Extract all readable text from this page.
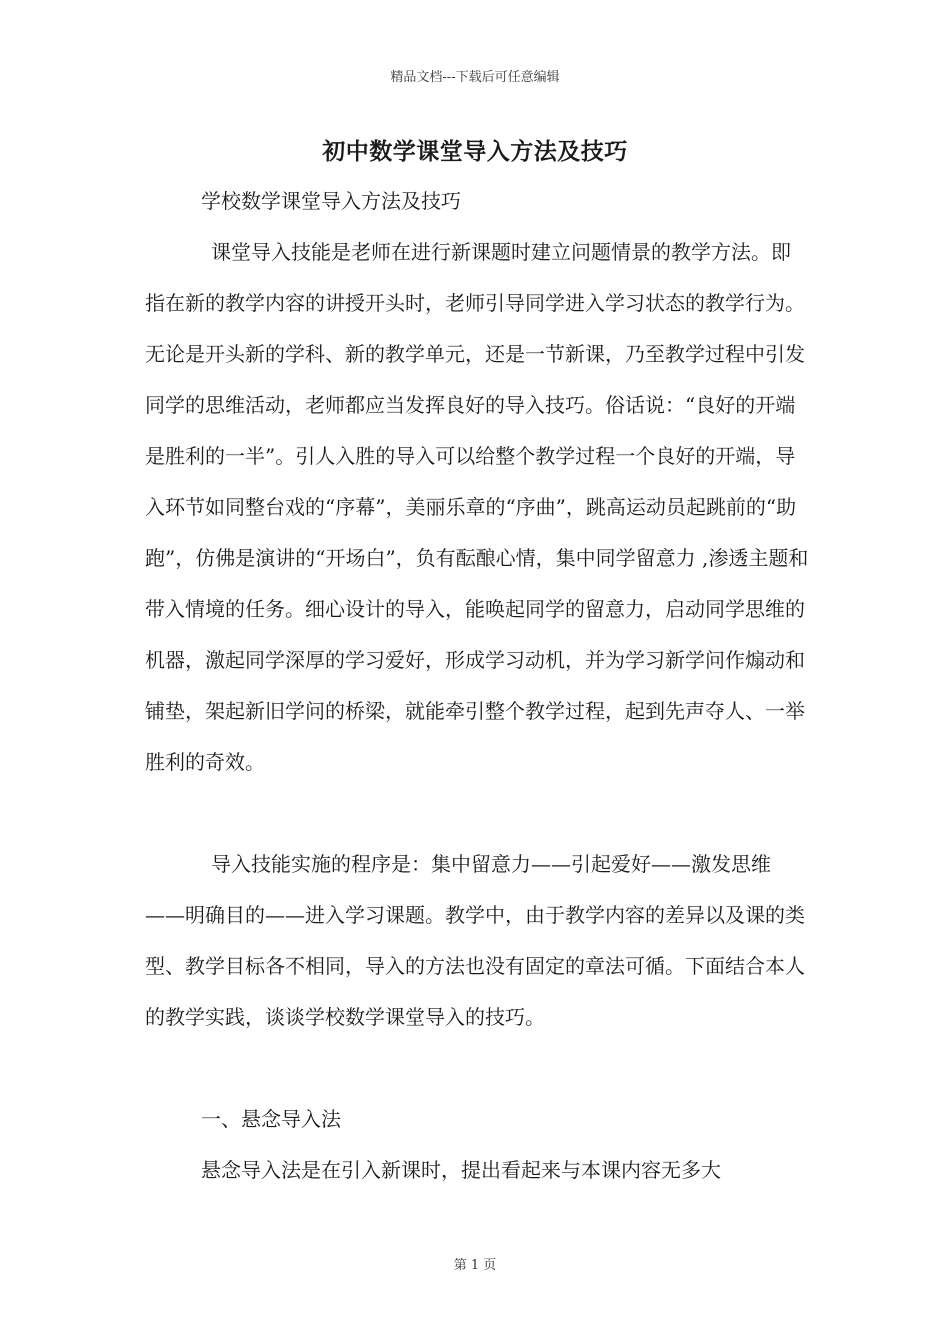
精品文档---下载后可任意编辑
初中数学课堂导入方法及技巧

学校数学课堂导入方法及技巧

课堂导入技能是老师在进行新课题时建立问题情景的教学方法。即指在新的教学内容的讲授开头时，老师引导同学进入学习状态的教学行为。无论是开头新的学科、新的教学单元，还是一节新课，乃至教学过程中引发同学的思维活动，老师都应当发挥良好的导入技巧。俗话说：“良好的开端是胜利的一半”。引人入胜的导入可以给整个教学过程一个良好的开端，导入环节如同整台戏的“序幕”，美丽乐章的“序曲”，跳高运动员起跳前的“助跑”，仿佛是演讲的“开场白”，负有酝酿心情，集中同学留意力 ,渗透主题和带入情境的任务。细心设计的导入，能唤起同学的留意力，启动同学思维的机器，激起同学深厚的学习爱好，形成学习动机，并为学习新学问作煽动和铺垫，架起新旧学问的桥梁，就能牵引整个教学过程，起到先声夺人、一举胜利的奇效。

导入技能实施的程序是：集中留意力——引起爱好——激发思维——明确目的——进入学习课题。教学中，由于教学内容的差异以及课的类型、教学目标各不相同，导入的方法也没有固定的章法可循。下面结合本人的教学实践，谈谈学校数学课堂导入的技巧。

一、悬念导入法

悬念导入法是在引入新课时，提出看起来与本课内容无多大

第 1 页
